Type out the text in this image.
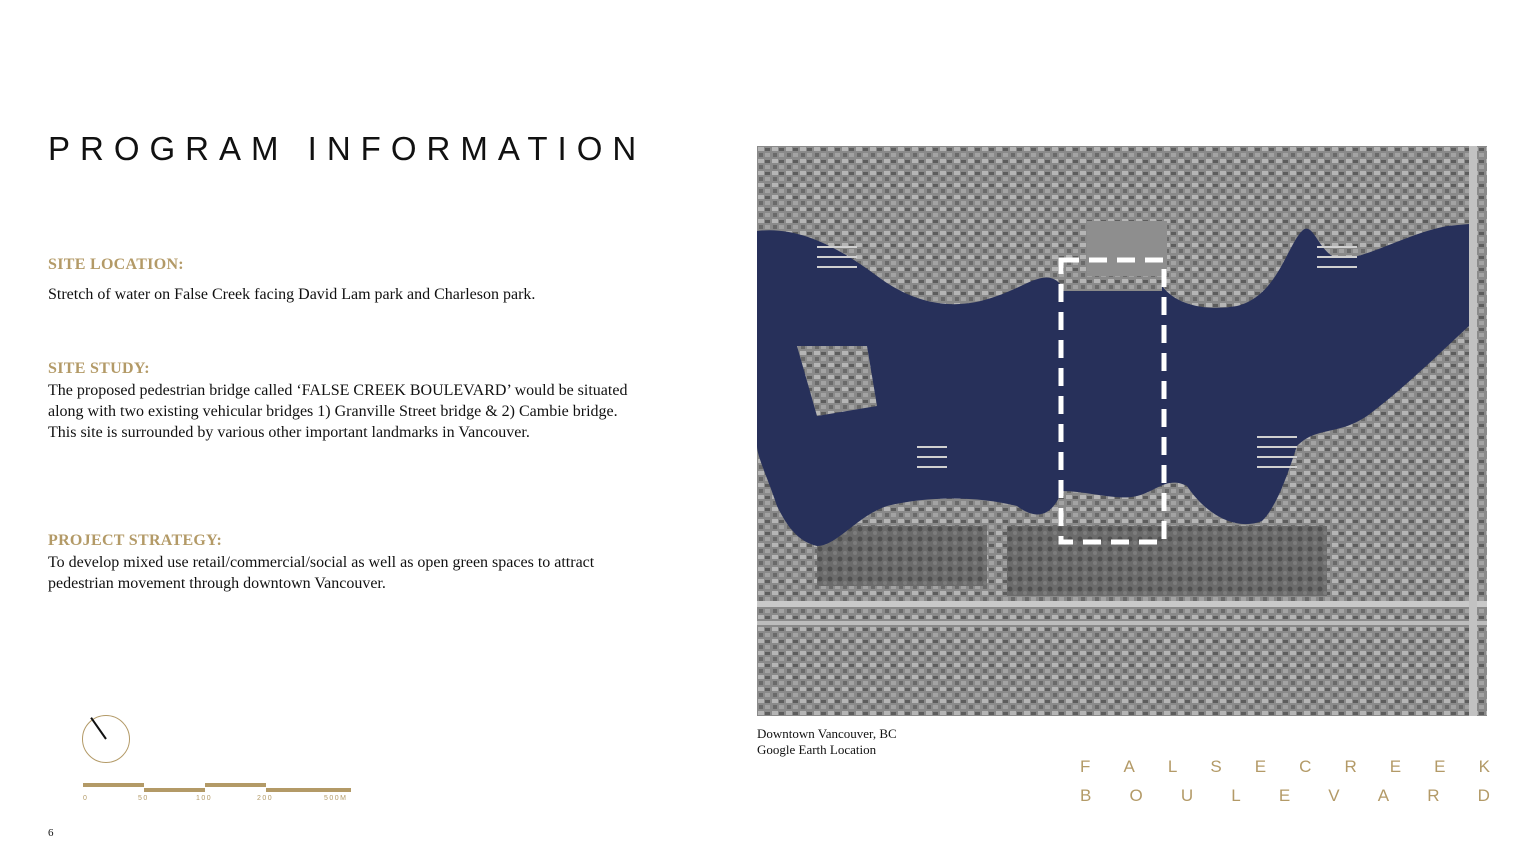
PROGRAM INFORMATION

SITE LOCATION:

Stretch of water on False Creek facing David Lam park and Charleson park.

SITE STUDY:

The proposed pedestrian bridge called ‘FALSE CREEK BOULEVARD’ would be situated along with two existing vehicular bridges 1) Granville Street bridge & 2) Cambie bridge. This site is surrounded by various other important landmarks in Vancouver.

PROJECT STRATEGY:

To develop mixed use retail/commercial/social as well as open green spaces to attract pedestrian movement through downtown Vancouver.

0	50	100	200	500M
6
Downtown Vancouver, BC
Google Earth Location
F A L S E C R E E K
B O U L E V A R D
